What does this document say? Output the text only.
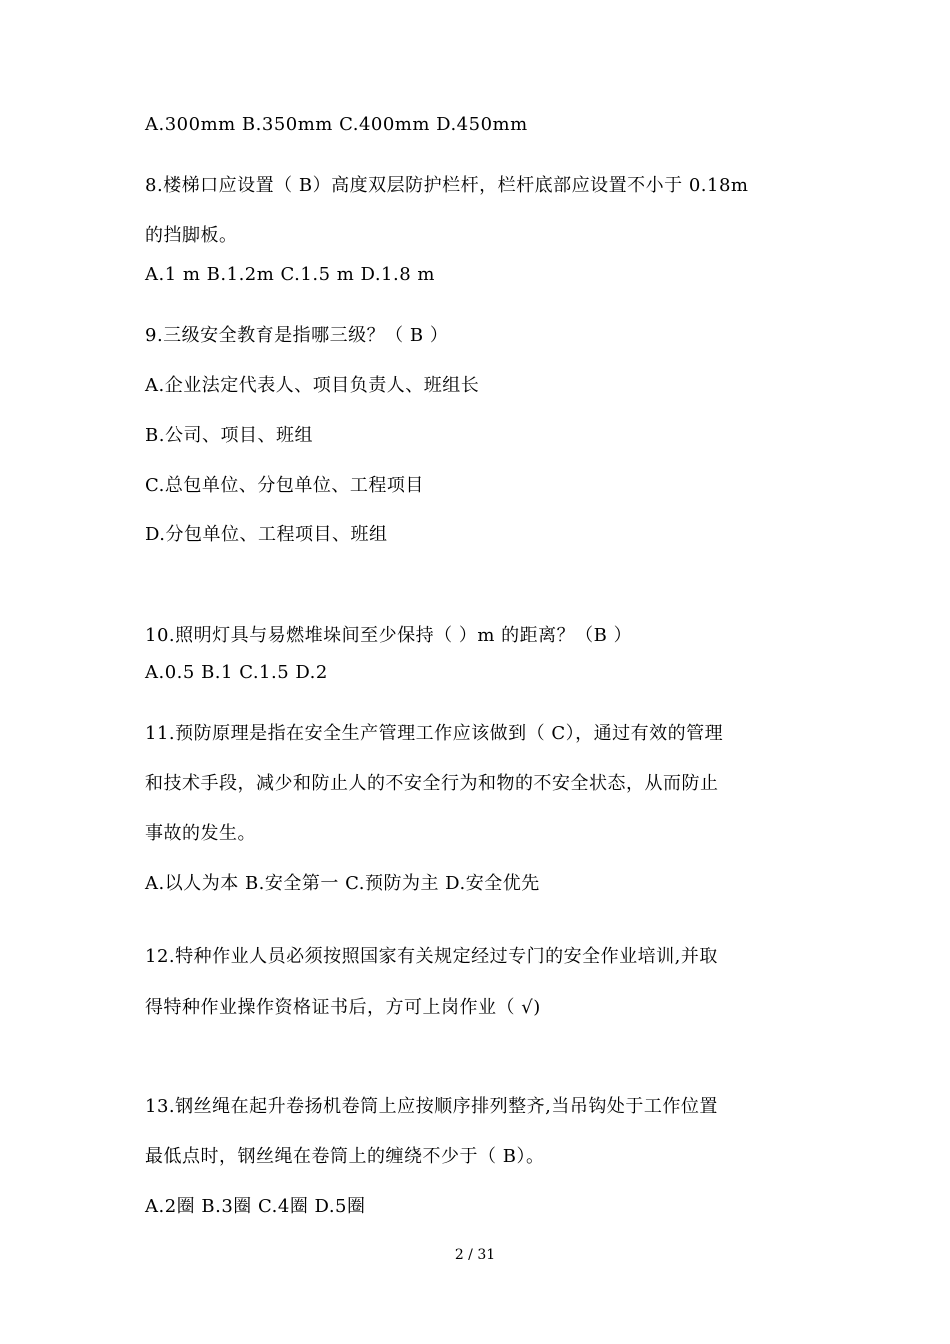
A.300mm B.350mm C.400mm D.450mm
8.楼梯口应设置（ B）高度双层防护栏杆，栏杆底部应设置不小于 0.18m
的挡脚板。
A.1 m B.1.2m C.1.5 m D.1.8 m
9.三级安全教育是指哪三级？（ B ）
A.企业法定代表人、项目负责人、班组长
B.公司、项目、班组
C.总包单位、分包单位、工程项目
D.分包单位、工程项目、班组
10.照明灯具与易燃堆垛间至少保持（ ）m 的距离？（B ）
A.0.5 B.1 C.1.5 D.2
11.预防原理是指在安全生产管理工作应该做到（ C），通过有效的管理
和技术手段，减少和防止人的不安全行为和物的不安全状态，从而防止
事故的发生。
A.以人为本 B.安全第一 C.预防为主 D.安全优先
12.特种作业人员必须按照国家有关规定经过专门的安全作业培训,并取
得特种作业操作资格证书后，方可上岗作业（ √)
13.钢丝绳在起升卷扬机卷筒上应按顺序排列整齐,当吊钩处于工作位置
最低点时，钢丝绳在卷筒上的缠绕不少于（ B）。
A.2圈 B.3圈 C.4圈 D.5圈
2 / 31
